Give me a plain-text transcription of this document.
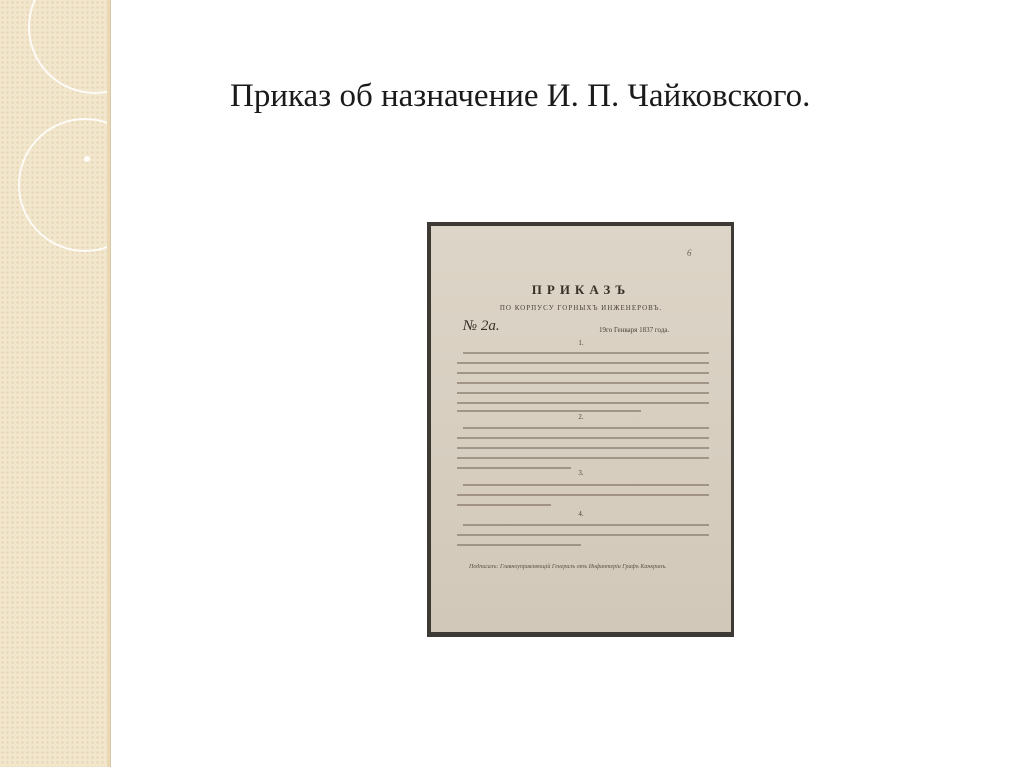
Приказ об назначение И. П. Чайковского.
6
ПРИКАЗЪ
ПО КОРПУСУ ГОРНЫХЪ ИНЖЕНЕРОВЪ.
№ 2а.	19го Генваря 1837 года.
1.
2.
3.
4.
Подписалъ: Главноуправляющій Генералъ отъ Инфантеріи Графъ Канкринъ.
